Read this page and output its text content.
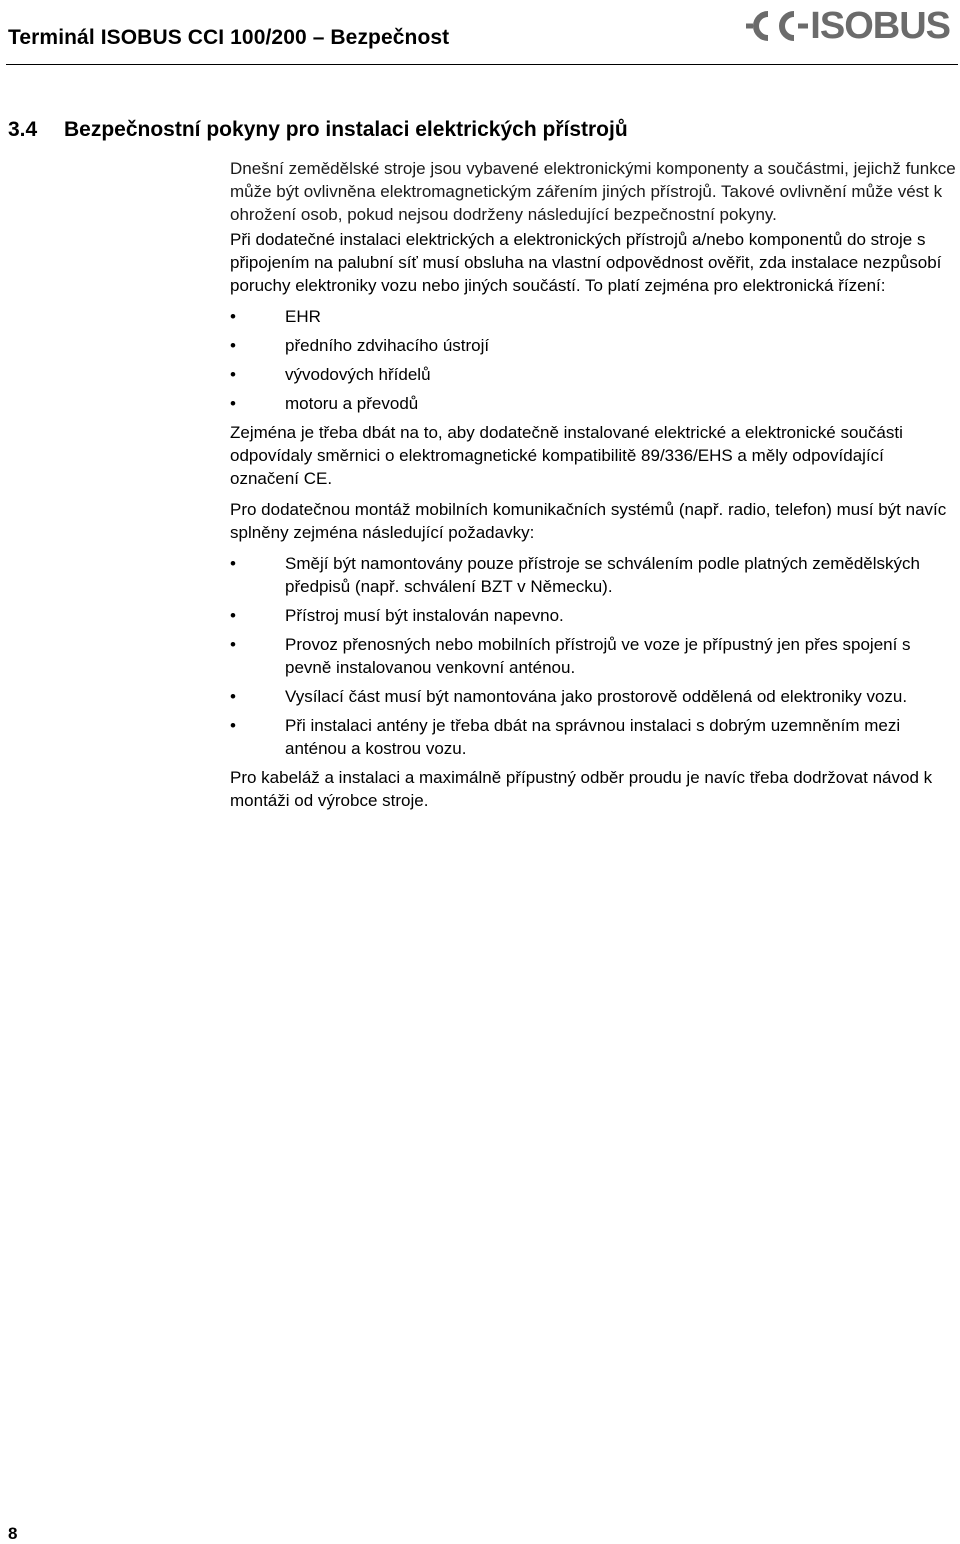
Terminál ISOBUS CCI 100/200 – Bezpečnost	ISOBUS
3.4 Bezpečnostní pokyny pro instalaci elektrických přístrojů

Dnešní zemědělské stroje jsou vybavené elektronickými komponenty a součástmi, jejichž funkce může být ovlivněna elektromagnetickým zářením jiných přístrojů. Takové ovlivnění může vést k ohrožení osob, pokud nejsou dodrženy následující bezpečnostní pokyny.

Při dodatečné instalaci elektrických a elektronických přístrojů a/nebo komponentů do stroje s připojením na palubní síť musí obsluha na vlastní odpovědnost ověřit, zda instalace nezpůsobí poruchy elektroniky vozu nebo jiných součástí. To platí zejména pro elektronická řízení:

•	EHR
•	předního zdvihacího ústrojí
•	vývodových hřídelů
•	motoru a převodů

Zejména je třeba dbát na to, aby dodatečně instalované elektrické a elektronické součásti odpovídaly směrnici o elektromagnetické kompatibilitě 89/336/EHS a měly odpovídající označení CE.

Pro dodatečnou montáž mobilních komunikačních systémů (např. radio, telefon) musí být navíc splněny zejména následující požadavky:

•	Smějí být namontovány pouze přístroje se schválením podle platných zemědělských předpisů (např. schválení BZT v Německu).
•	Přístroj musí být instalován napevno.
•	Provoz přenosných nebo mobilních přístrojů ve voze je přípustný jen přes spojení s pevně instalovanou venkovní anténou.
•	Vysílací část musí být namontována jako prostorově oddělená od elektroniky vozu.
•	Při instalaci antény je třeba dbát na správnou instalaci s dobrým uzemněním mezi anténou a kostrou vozu.

Pro kabeláž a instalaci a maximálně přípustný odběr proudu je navíc třeba dodržovat návod k montáži od výrobce stroje.

8
